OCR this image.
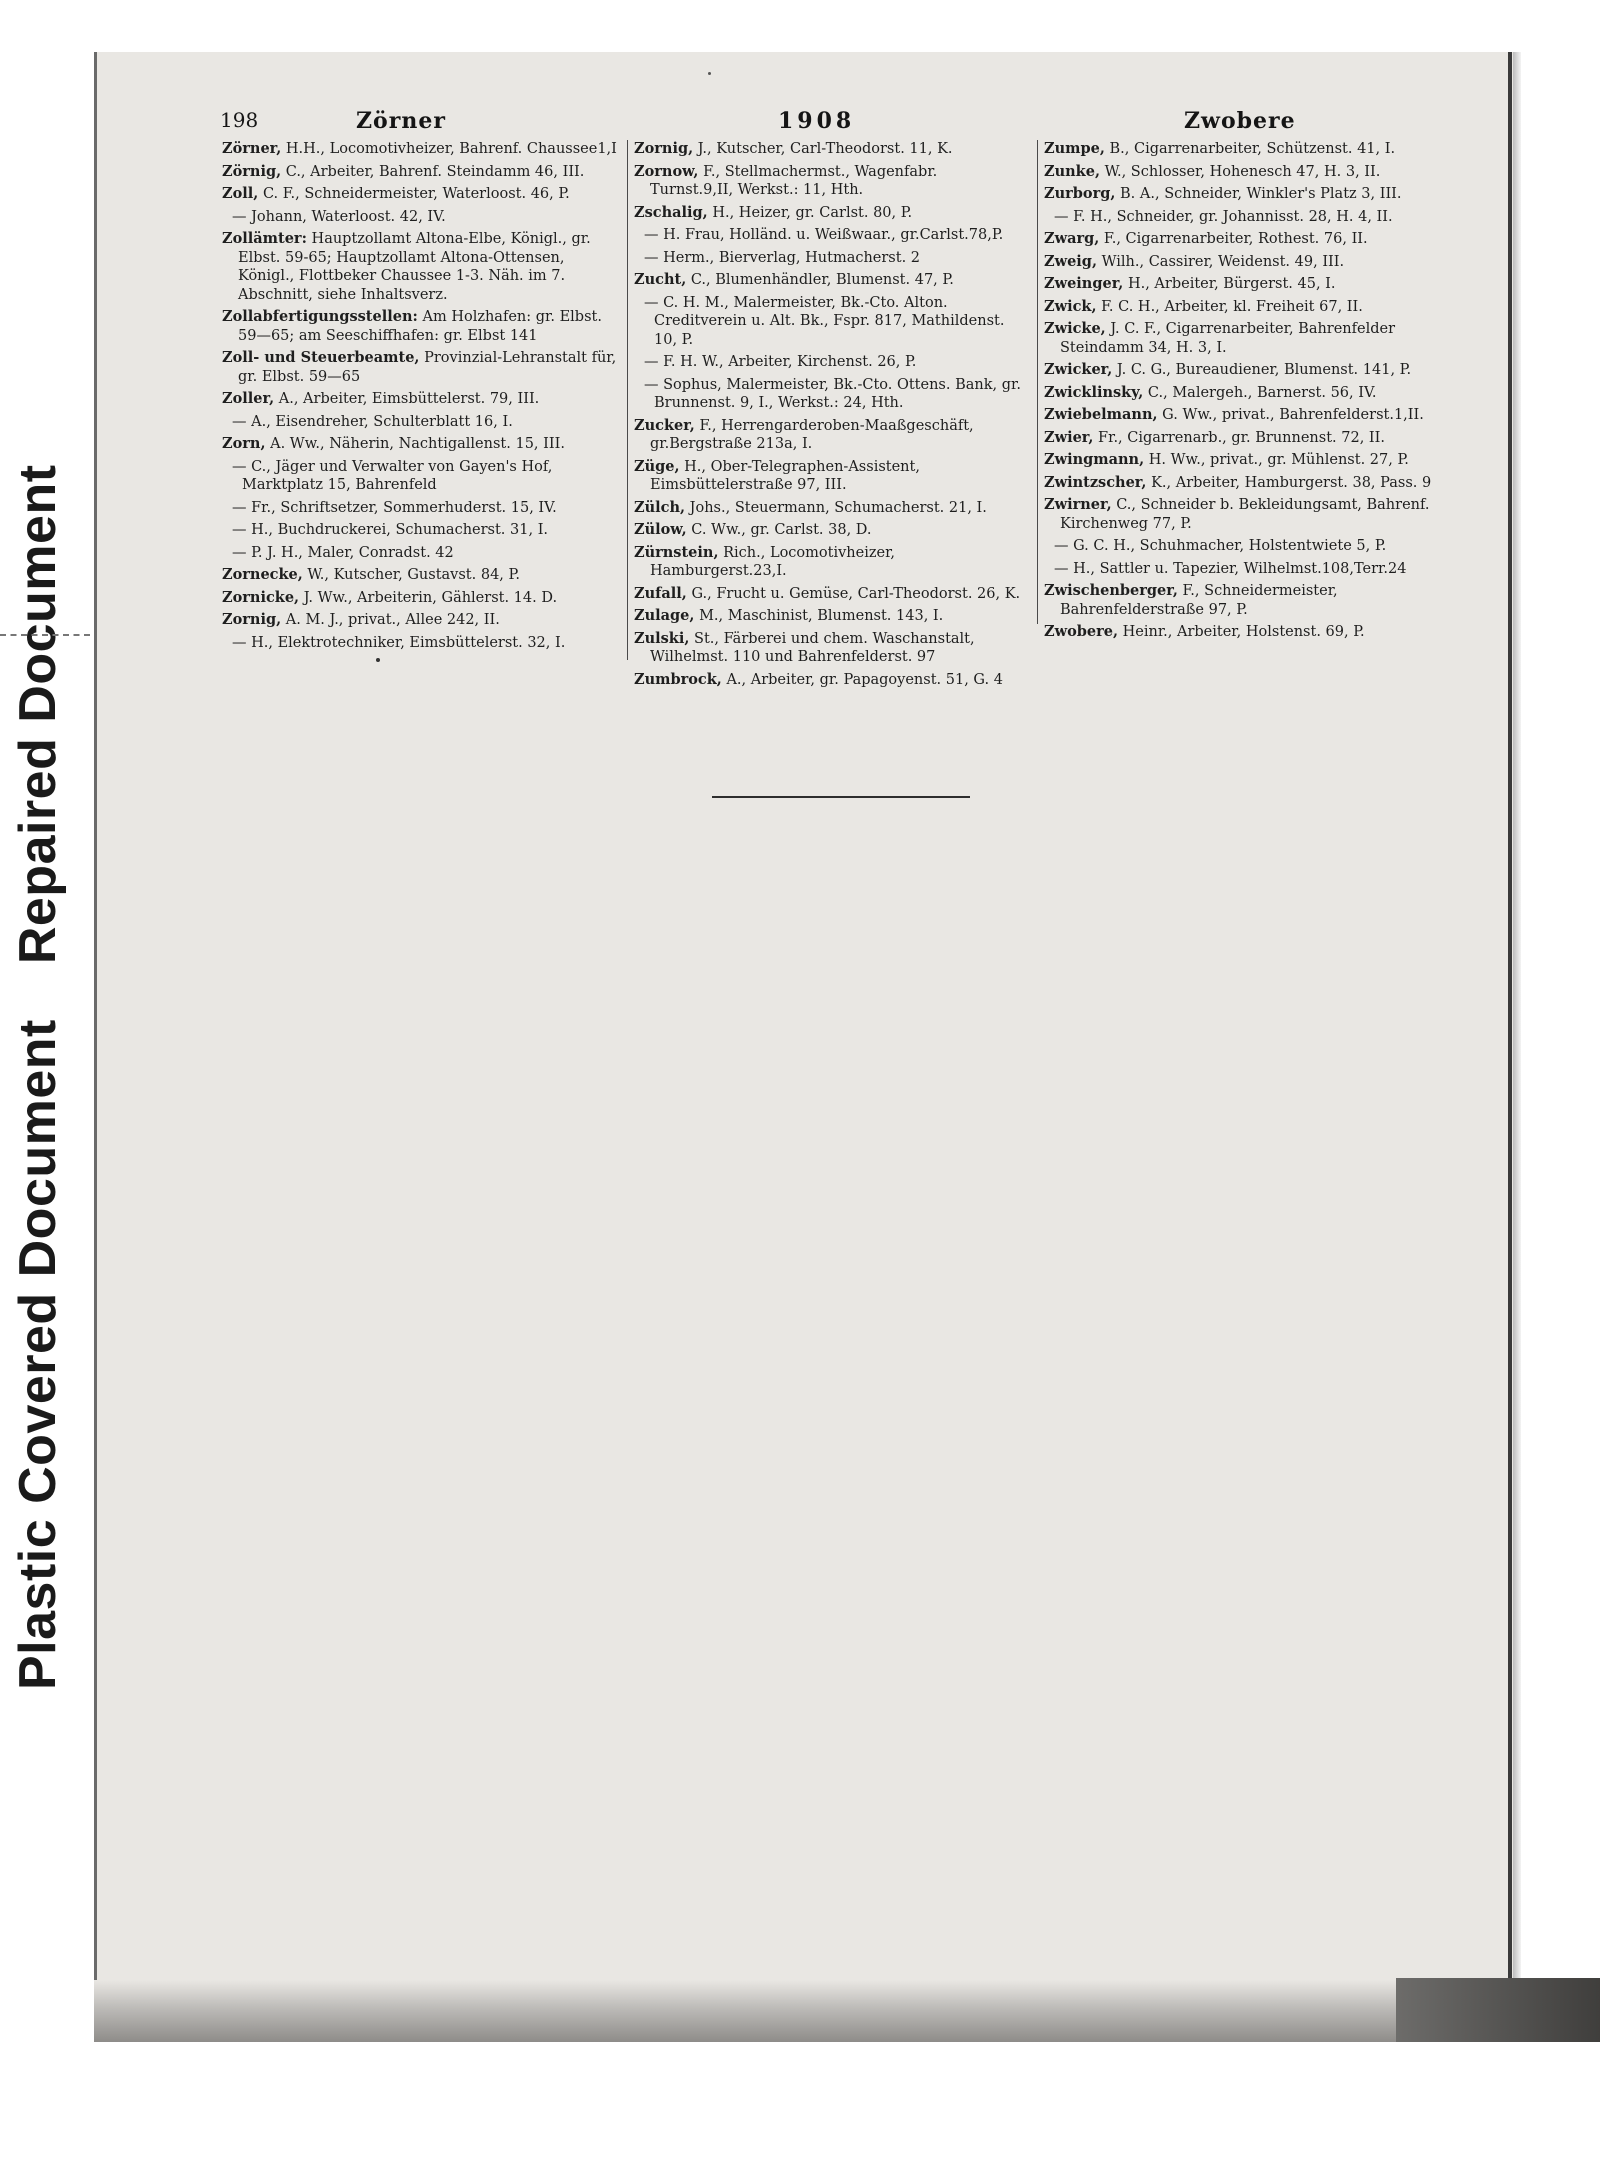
Plastic Covered Document Repaired Document
198	Zörner	1908	Zwobere
Zörner, H.H., Locomotivheizer, Bahrenf. Chaussee1,I
Zörnig, C., Arbeiter, Bahrenf. Steindamm 46, III.
Zoll, C. F., Schneidermeister, Waterloost. 46, P.
— Johann, Waterloost. 42, IV.
Zollämter: Hauptzollamt Altona-Elbe, Königl., gr. Elbst. 59-65; Hauptzollamt Altona-Ottensen, Königl., Flottbeker Chaussee 1-3. Näh. im 7. Abschnitt, siehe Inhaltsverz.
Zollabfertigungsstellen: Am Holzhafen: gr. Elbst. 59—65; am Seeschiffhafen: gr. Elbst 141
Zoll- und Steuerbeamte, Provinzial-Lehranstalt für, gr. Elbst. 59—65
Zoller, A., Arbeiter, Eimsbüttelerst. 79, III.
— A., Eisendreher, Schulterblatt 16, I.
Zorn, A. Ww., Näherin, Nachtigallenst. 15, III.
— C., Jäger und Verwalter von Gayen's Hof, Marktplatz 15, Bahrenfeld
— Fr., Schriftsetzer, Sommerhuderst. 15, IV.
— H., Buchdruckerei, Schumacherst. 31, I.
— P. J. H., Maler, Conradst. 42
Zornecke, W., Kutscher, Gustavst. 84, P.
Zornicke, J. Ww., Arbeiterin, Gählerst. 14. D.
Zornig, A. M. J., privat., Allee 242, II.
— H., Elektrotechniker, Eimsbüttelerst. 32, I.
Zornig, J., Kutscher, Carl-Theodorst. 11, K.
Zornow, F., Stellmachermst., Wagenfabr. Turnst.9,II, Werkst.: 11, Hth.
Zschalig, H., Heizer, gr. Carlst. 80, P.
— H. Frau, Holländ. u. Weißwaar., gr.Carlst.78,P.
— Herm., Bierverlag, Hutmacherst. 2
Zucht, C., Blumenhändler, Blumenst. 47, P.
— C. H. M., Malermeister, Bk.-Cto. Alton. Creditverein u. Alt. Bk., Fspr. 817, Mathildenst. 10, P.
— F. H. W., Arbeiter, Kirchenst. 26, P.
— Sophus, Malermeister, Bk.-Cto. Ottens. Bank, gr. Brunnenst. 9, I., Werkst.: 24, Hth.
Zucker, F., Herrengarderoben-Maaßgeschäft, gr.Bergstraße 213a, I.
Züge, H., Ober-Telegraphen-Assistent, Eimsbüttelerstraße 97, III.
Zülch, Johs., Steuermann, Schumacherst. 21, I.
Zülow, C. Ww., gr. Carlst. 38, D.
Zürnstein, Rich., Locomotivheizer, Hamburgerst.23,I.
Zufall, G., Frucht u. Gemüse, Carl-Theodorst. 26, K.
Zulage, M., Maschinist, Blumenst. 143, I.
Zulski, St., Färberei und chem. Waschanstalt, Wilhelmst. 110 und Bahrenfelderst. 97
Zumbrock, A., Arbeiter, gr. Papagoyenst. 51, G. 4
Zumpe, B., Cigarrenarbeiter, Schützenst. 41, I.
Zunke, W., Schlosser, Hohenesch 47, H. 3, II.
Zurborg, B. A., Schneider, Winkler's Platz 3, III.
— F. H., Schneider, gr. Johannisst. 28, H. 4, II.
Zwarg, F., Cigarrenarbeiter, Rothest. 76, II.
Zweig, Wilh., Cassirer, Weidenst. 49, III.
Zweinger, H., Arbeiter, Bürgerst. 45, I.
Zwick, F. C. H., Arbeiter, kl. Freiheit 67, II.
Zwicke, J. C. F., Cigarrenarbeiter, Bahrenfelder Steindamm 34, H. 3, I.
Zwicker, J. C. G., Bureaudiener, Blumenst. 141, P.
Zwicklinsky, C., Malergeh., Barnerst. 56, IV.
Zwiebelmann, G. Ww., privat., Bahrenfelderst.1,II.
Zwier, Fr., Cigarrenarb., gr. Brunnenst. 72, II.
Zwingmann, H. Ww., privat., gr. Mühlenst. 27, P.
Zwintzscher, K., Arbeiter, Hamburgerst. 38, Pass. 9
Zwirner, C., Schneider b. Bekleidungsamt, Bahrenf. Kirchenweg 77, P.
— G. C. H., Schuhmacher, Holstentwiete 5, P.
— H., Sattler u. Tapezier, Wilhelmst.108,Terr.24
Zwischenberger, F., Schneidermeister, Bahrenfelderstraße 97, P.
Zwobere, Heinr., Arbeiter, Holstenst. 69, P.
